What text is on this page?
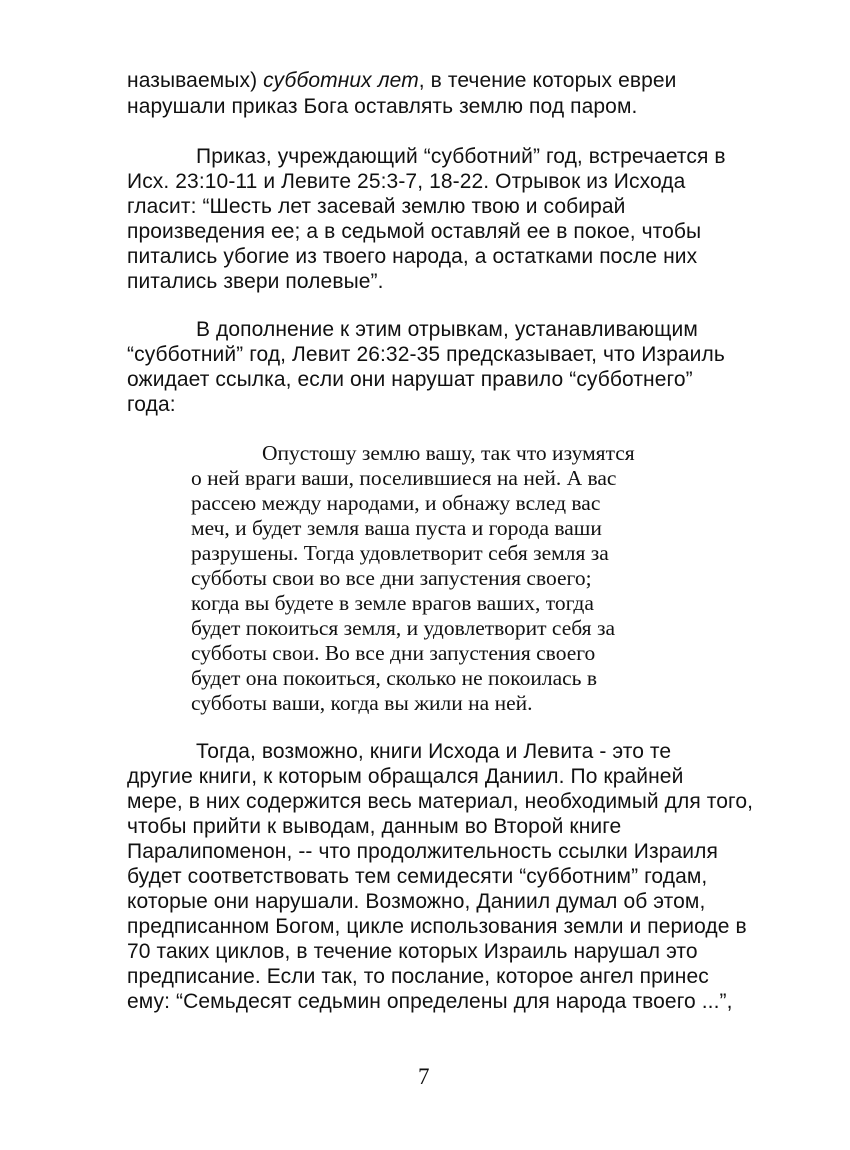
называемых) субботних лет, в течение которых евреи
нарушали приказ Бога оставлять землю под паром.
Приказ, учреждающий “субботний” год, встречается в
Исх. 23:10-11 и Левите 25:3-7, 18-22. Отрывок из Исхода
гласит: “Шесть лет засевай землю твою и собирай
произведения ее; а в седьмой оставляй ее в покое, чтобы
питались убогие из твоего народа, а остатками после них
питались звери полевые”.
В дополнение к этим отрывкам, устанавливающим
“субботний” год, Левит 26:32-35 предсказывает, что Израиль
ожидает ссылка, если они нарушат правило “субботнего”
года:
Опустошу землю вашу, так что изумятся
о ней враги ваши, поселившиеся на ней. А вас
рассею между народами, и обнажу вслед вас
меч, и будет земля ваша пуста и города ваши
разрушены. Тогда удовлетворит себя земля за
субботы свои во все дни запустения своего;
когда вы будете в земле врагов ваших, тогда
будет покоиться земля, и удовлетворит себя за
субботы свои. Во все дни запустения своего
будет она покоиться, сколько не покоилась в
субботы ваши, когда вы жили на ней.
Тогда, возможно, книги Исхода и Левита - это те
другие книги, к которым обращался Даниил. По крайней
мере, в них содержится весь материал, необходимый для того,
чтобы прийти к выводам, данным во Второй книге
Паралипоменон, -- что продолжительность ссылки Израиля
будет соответствовать тем семидесяти “субботним” годам,
которые они нарушали. Возможно, Даниил думал об этом,
предписанном Богом, цикле использования земли и периоде в
70 таких циклов, в течение которых Израиль нарушал это
предписание. Если так, то послание, которое ангел принес
ему: “Семьдесят седьмин определены для народа твоего ...”,
7
